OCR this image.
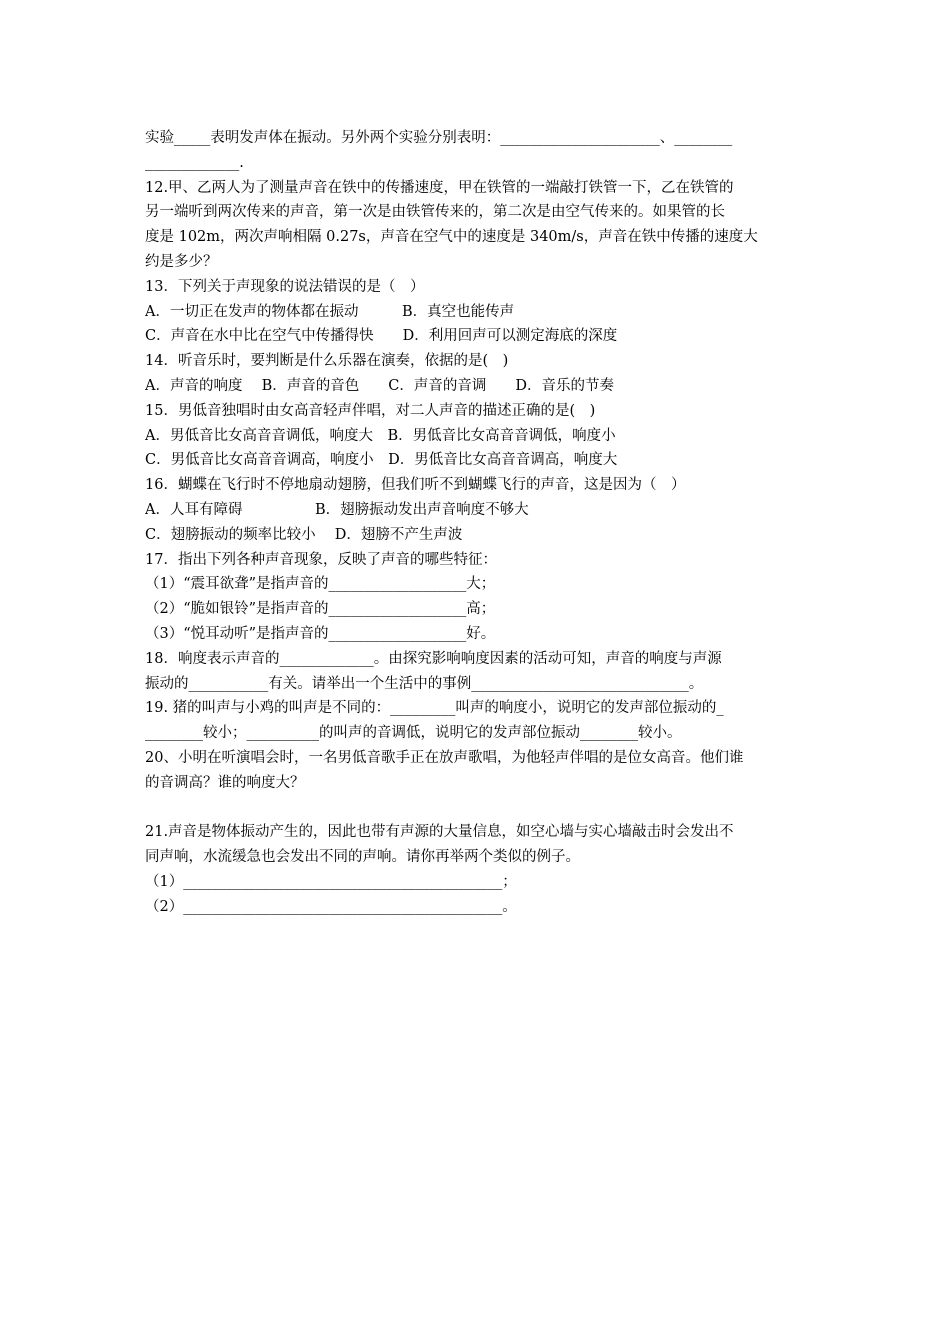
实验_____表明发声体在振动。另外两个实验分别表明：______________________、________
_____________.
12.甲、乙两人为了测量声音在铁中的传播速度，甲在铁管的一端敲打铁管一下，乙在铁管的
另一端听到两次传来的声音，第一次是由铁管传来的，第二次是由空气传来的。如果管的长
度是 102m，两次声响相隔 0.27s，声音在空气中的速度是 340m/s，声音在铁中传播的速度大
约是多少？
13．下列关于声现象的说法错误的是（　）
A．一切正在发声的物体都在振动　　　B．真空也能传声
C．声音在水中比在空气中传播得快　　D．利用回声可以测定海底的深度
14．听音乐时，要判断是什么乐器在演奏，依据的是(　)
A．声音的响度　 B．声音的音色　　C．声音的音调　　D．音乐的节奏
15．男低音独唱时由女高音轻声伴唱，对二人声音的描述正确的是(　)
A．男低音比女高音音调低，响度大　B．男低音比女高音音调低，响度小
C．男低音比女高音音调高，响度小　D．男低音比女高音音调高，响度大
16．蝴蝶在飞行时不停地扇动翅膀，但我们听不到蝴蝶飞行的声音，这是因为（　）
A．人耳有障碍　　　　　B．翅膀振动发出声音响度不够大
C．翅膀振动的频率比较小　 D．翅膀不产生声波
17．指出下列各种声音现象，反映了声音的哪些特征：
（1）“震耳欲聋”是指声音的___________________大；
（2）“脆如银铃”是指声音的___________________高；
（3）“悦耳动听”是指声音的___________________好。
18．响度表示声音的_____________。由探究影响响度因素的活动可知，声音的响度与声源
振动的___________有关。请举出一个生活中的事例______________________________。
19. 猪的叫声与小鸡的叫声是不同的：_________叫声的响度小，说明它的发声部位振动的_
________较小；__________的叫声的音调低，说明它的发声部位振动________较小。
20、小明在听演唱会时，一名男低音歌手正在放声歌唱，为他轻声伴唱的是位女高音。他们谁
的音调高？谁的响度大？
21.声音是物体振动产生的，因此也带有声源的大量信息，如空心墙与实心墙敲击时会发出不
同声响，水流缓急也会发出不同的声响。请你再举两个类似的例子。
（1）____________________________________________；
（2）____________________________________________。
